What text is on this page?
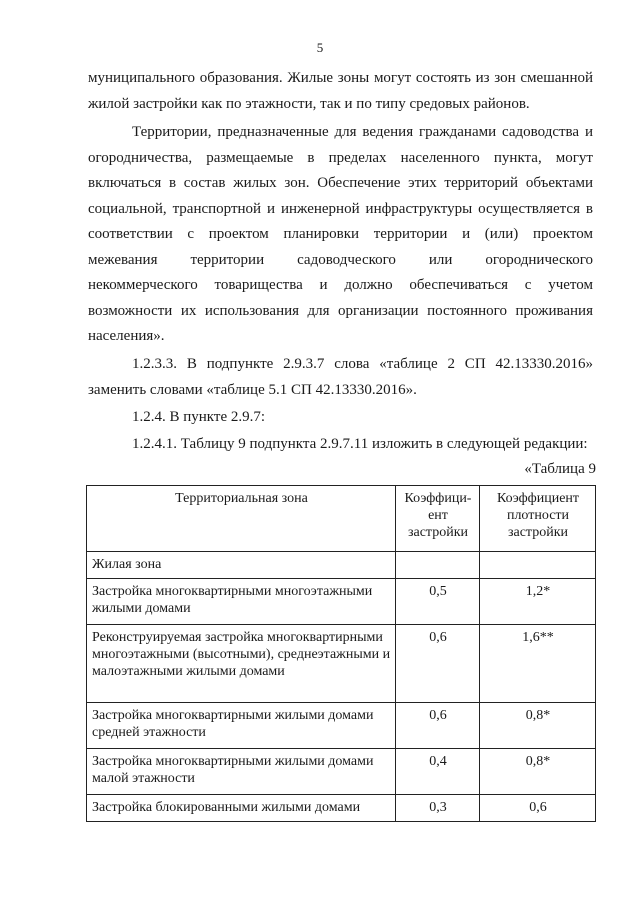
5

муниципального образования. Жилые зоны могут состоять из зон смешанной

жилой застройки как по этажности, так и по типу средовых районов.

Территории, предназначенные для ведения гражданами садоводства и

огородничества, размещаемые в пределах населенного пункта, могут

включаться в состав жилых зон. Обеспечение этих территорий объектами

социальной, транспортной и инженерной инфраструктуры осуществляется в

соответствии с проектом планировки территории и (или) проектом

межевания территории садоводческого или огороднического

некоммерческого товарищества и должно обеспечиваться с учетом

возможности их использования для организации постоянного проживания

населения».

1.2.3.3. В подпункте 2.9.3.7 слова «таблице 2 СП 42.13330.2016»

заменить словами «таблице 5.1 СП 42.13330.2016».

1.2.4. В пункте 2.9.7:

1.2.4.1. Таблицу 9 подпункта 2.9.7.11 изложить в следующей редакции:

«Таблица 9
Территориальная зона	Коэффици-ент застройки	Коэффициент плотности застройки
Жилая зона		
Застройка многоквартирными многоэтажными жилыми домами	0,5	1,2*
Реконструируемая застройка многоквартирными многоэтажными (высотными), среднеэтажными и малоэтажными жилыми домами	0,6	1,6**
Застройка многоквартирными жилыми домами средней этажности	0,6	0,8*
Застройка многоквартирными жилыми домами малой этажности	0,4	0,8*
Застройка блокированными жилыми домами	0,3	0,6
